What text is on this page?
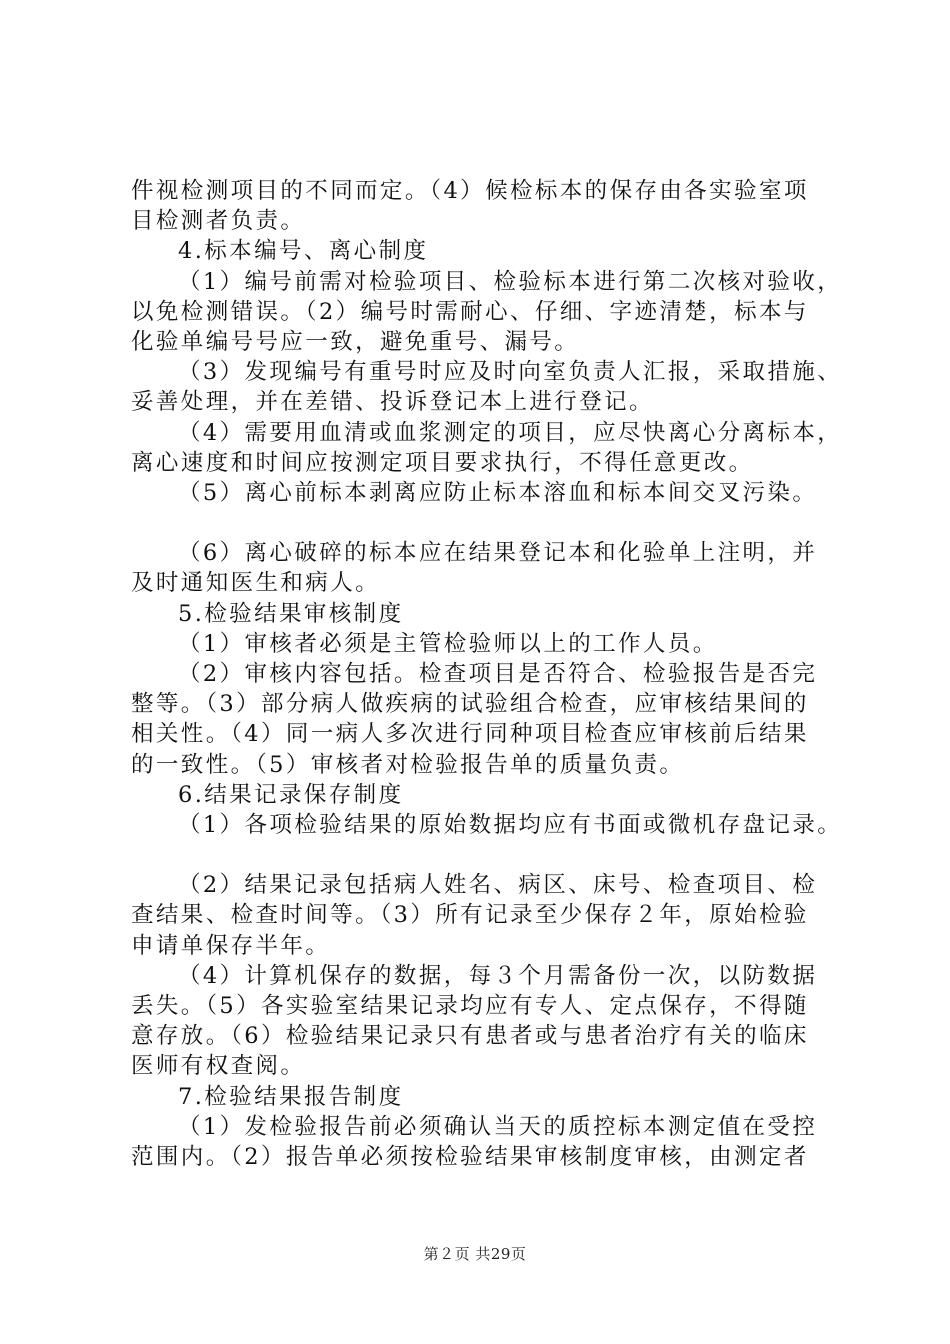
件视检测项目的不同而定。（4）候检标本的保存由各实验室项
目检测者负责。
4.标本编号、离心制度
（1）编号前需对检验项目、检验标本进行第二次核对验收，
以免检测错误。（2）编号时需耐心、仔细、字迹清楚，标本与
化验单编号号应一致，避免重号、漏号。
（3）发现编号有重号时应及时向室负责人汇报，采取措施、
妥善处理，并在差错、投诉登记本上进行登记。
（4）需要用血清或血浆测定的项目，应尽快离心分离标本，
离心速度和时间应按测定项目要求执行，不得任意更改。
（5）离心前标本剥离应防止标本溶血和标本间交叉污染。
（6）离心破碎的标本应在结果登记本和化验单上注明，并
及时通知医生和病人。
5.检验结果审核制度
（1）审核者必须是主管检验师以上的工作人员。
（2）审核内容包括。检查项目是否符合、检验报告是否完
整等。（3）部分病人做疾病的试验组合检查，应审核结果间的
相关性。（4）同一病人多次进行同种项目检查应审核前后结果
的一致性。（5）审核者对检验报告单的质量负责。
6.结果记录保存制度
（1）各项检验结果的原始数据均应有书面或微机存盘记录。
（2）结果记录包括病人姓名、病区、床号、检查项目、检
查结果、检查时间等。（3）所有记录至少保存２年，原始检验
申请单保存半年。
（4）计算机保存的数据，每３个月需备份一次，以防数据
丢失。（5）各实验室结果记录均应有专人、定点保存，不得随
意存放。（6）检验结果记录只有患者或与患者治疗有关的临床
医师有权查阅。
7.检验结果报告制度
（1）发检验报告前必须确认当天的质控标本测定值在受控
范围内。（2）报告单必须按检验结果审核制度审核，由测定者
第２页 共29页
